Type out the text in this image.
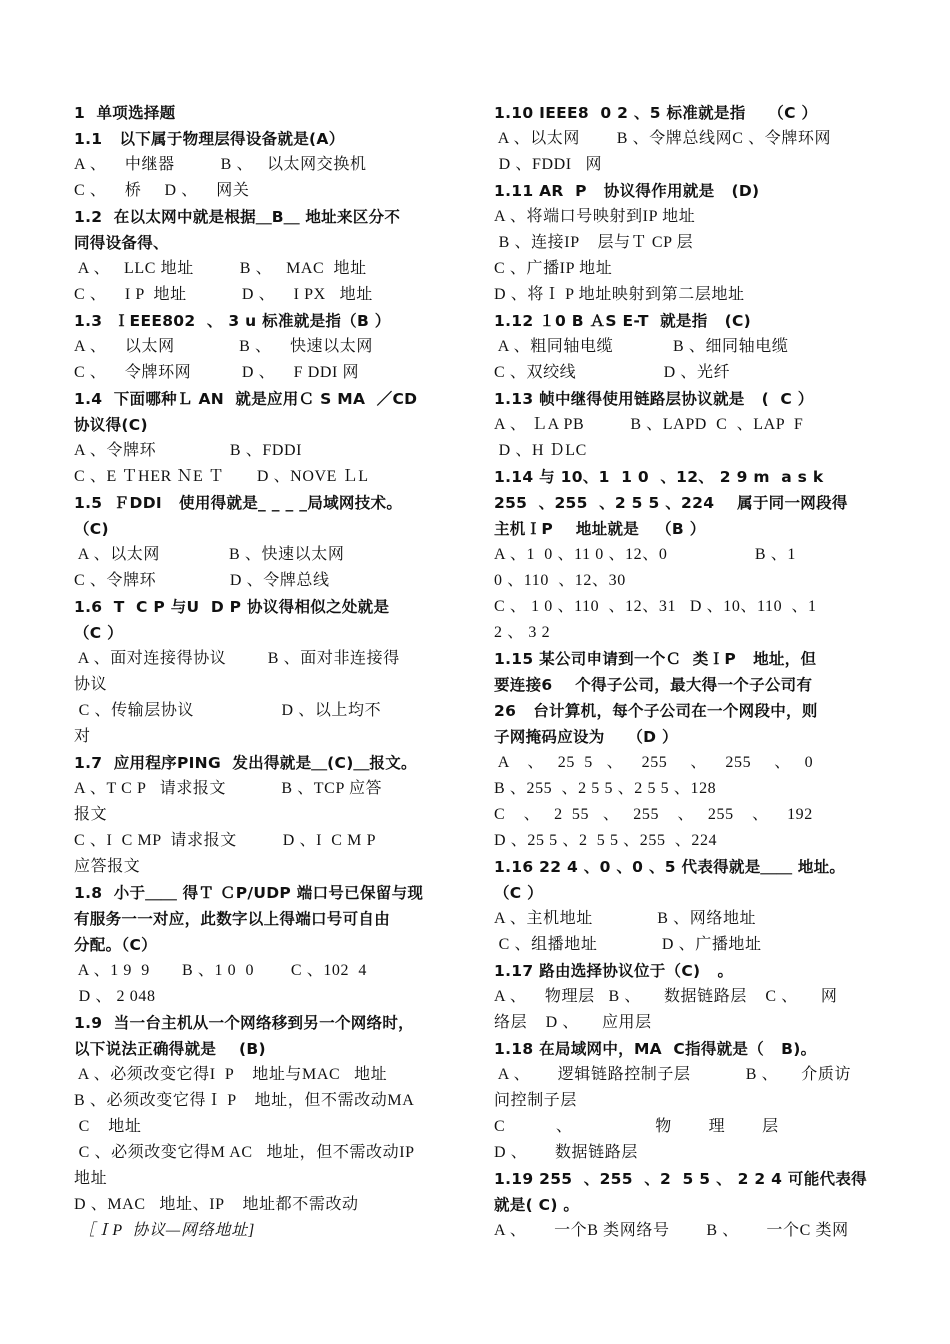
1  单项选择题
1.1   以下属于物理层得设备就是(A）
A 、    中继器          B 、   以太网交换机
C 、    桥     D 、    网关
1.2  在以太网中就是根据＿B＿ 地址来区分不
同得设备得、
A 、   LLC 地址          B 、   MAC  地址
C 、    I P  地址            D 、    I PX   地址
1.3  ＩEEE802  、 3 u 标准就是指（B ）
A 、    以太网              B 、    快速以太网
C 、    令牌环网           D 、    F DDI 网
1.4  下面哪种Ｌ AN  就是应用Ｃ S MA  ／CD
协议得(C)
A 、令牌环                B 、FDDI
C 、E ＴHER ＮE Ｔ       D 、NOVE ＬL
1.5  ＦDDI   使用得就是_ _ _ _局域网技术。
（C)
A 、以太网               B 、快速以太网
C 、令牌环                D 、令牌总线
1.6  T  C P 与U  D P 协议得相似之处就是
（C ）
A 、面对连接得协议         B 、面对非连接得
协议
C 、传输层协议                   D 、以上均不
对
1.7  应用程序PING  发出得就是＿(C)＿报文。
A 、T C P   请求报文            B 、TCP 应答
报文
C 、I  C MP  请求报文          D 、I  C M P
应答报文
1.8  小于＿＿ 得Ｔ ＣP/UDP 端口号已保留与现
有服务一一对应，此数字以上得端口号可自由
分配。（C）
A 、1 9  9       B 、1 0  0        C 、102  4
D 、 2 048
1.9  当一台主机从一个网络移到另一个网络时，
以下说法正确得就是    (B)
A 、必须改变它得I  P    地址与MAC   地址
B 、必须改变它得Ｉ P    地址，但不需改动MA
C    地址
C 、必须改变它得M AC   地址，但不需改动IP
地址
D 、MAC   地址、IP    地址都不需改动
［ＩP  协议—网络地址]
1.10 IEEE8  0 2 、5 标准就是指    （C ）
A 、以太网        B 、令牌总线网C 、令牌环网
D 、FDDI   网
1.11 AR  P   协议得作用就是   (D)
A 、将端口号映射到IP 地址
B 、连接IP    层与Ｔ CP 层
C 、广播IP 地址
D 、将Ｉ P 地址映射到第二层地址
1.12 １0 B ＡS E-T  就是指   (C)
A 、粗同轴电缆             B 、细同轴电缆
C 、双绞线                   D 、光纤
1.13 帧中继得使用链路层协议就是   (  C ）
A 、 ＬA PB          B 、LAPD  C  、LAP  F
D 、H ＤLC
1.14 与 10、1  1 0  、12、 2 9 m  a s k
255  、255  、2 5 5 、224    属于同一网段得
主机ＩP    地址就是   （B ）
A 、1  0 、11 0 、12、0                   B 、1
0 、110  、12、30
C 、 1 0 、110  、12、31   D 、10、110  、1
2 、 3 2
1.15 某公司申请到一个Ｃ  类ＩP   地址，但
要连接6    个得子公司，最大得一个子公司有
26   台计算机，每个子公司在一个网段中，则
子网掩码应设为    （D ）
A    、   25  5   、    255     、    255     、   0
B 、255  、2 5 5 、2 5 5 、128
C    、   2  55   、   255    、   255    、    192
D 、25 5 、2  5 5 、255  、224
1.16 22 4 、0 、0 、5 代表得就是＿＿ 地址。
（C ）
A 、主机地址              B 、网络地址
C 、组播地址              D 、广播地址
1.17 路由选择协议位于（C)   。
A 、    物理层   B 、     数据链路层    C 、     网
络层    D 、     应用层
1.18 在局域网中，MA  C指得就是（   B)。
A 、      逻辑链路控制子层            B 、     介质访
问控制子层
C           、                  物        理        层
D 、      数据链路层
1.19 255  、255  、2  5 5 、 2 2 4 可能代表得
就是( C) 。
A 、      一个B 类网络号        B 、      一个C 类网
